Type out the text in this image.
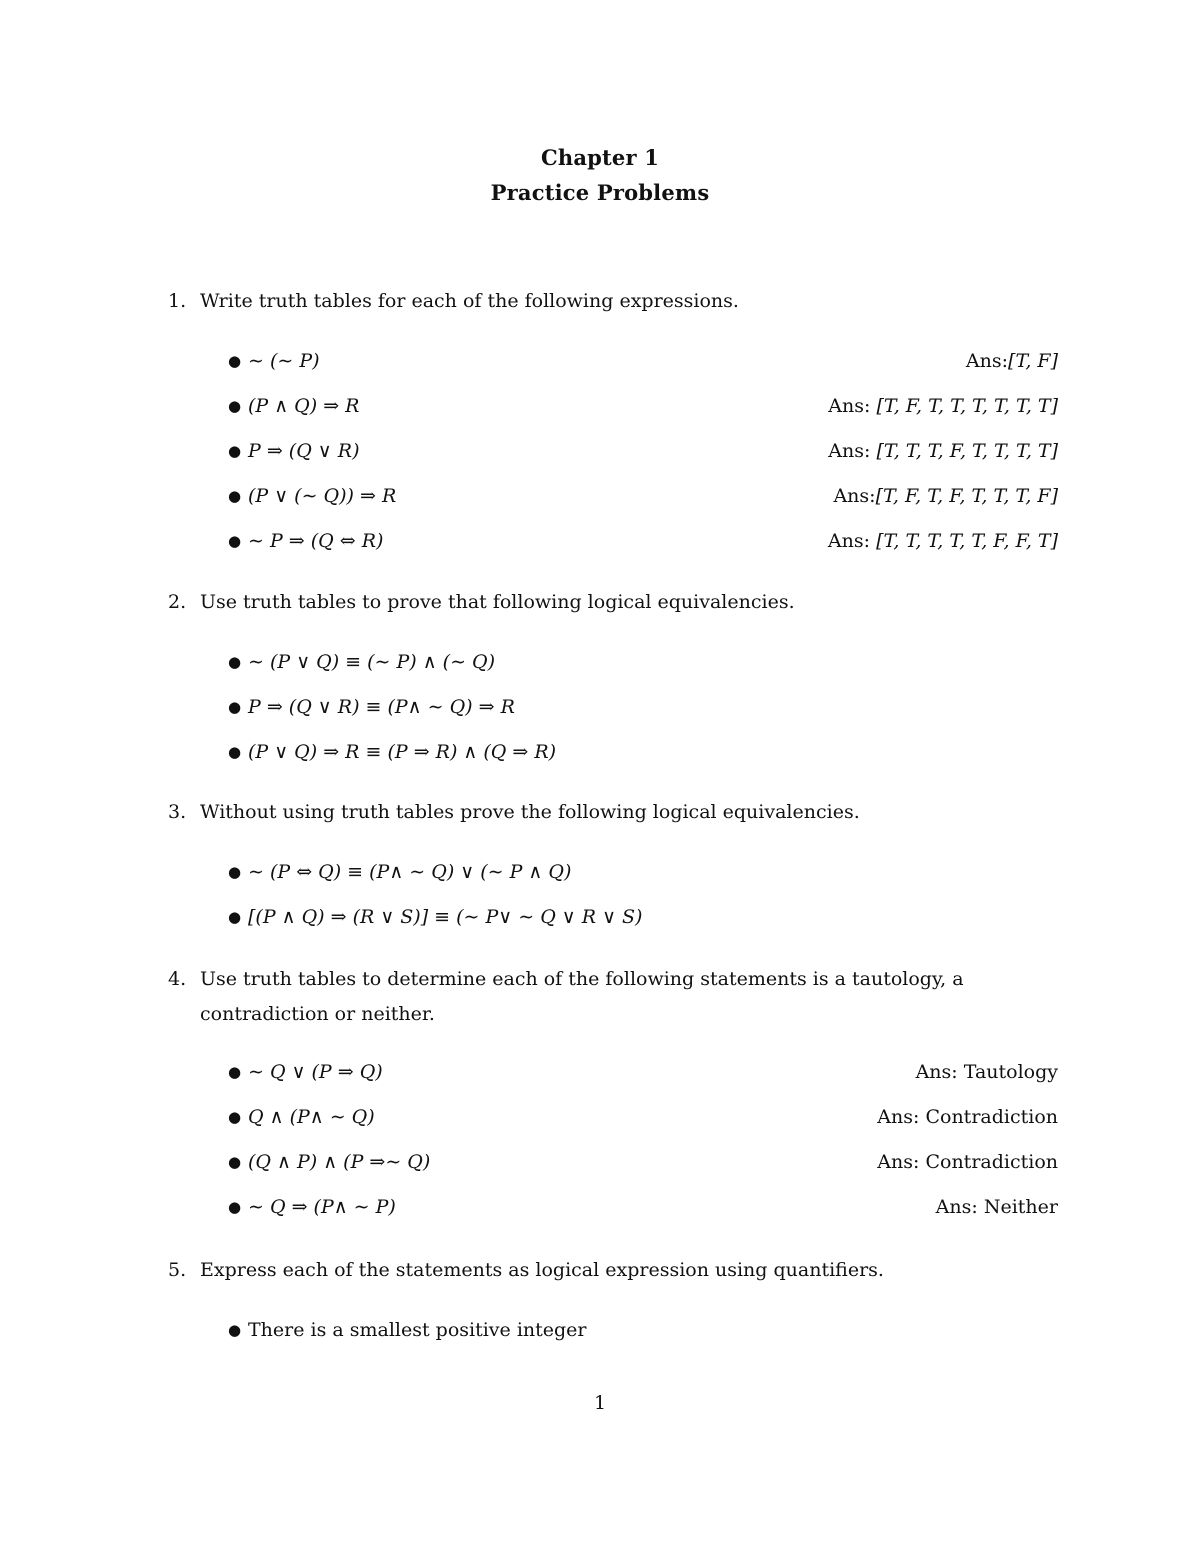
Chapter 1
Practice Problems
1. Write truth tables for each of the following expressions.
● ∼ (∼ P)	Ans:[T, F]
● (P ∧ Q) ⇒ R	Ans: [T, F, T, T, T, T, T, T]
● P ⇒ (Q ∨ R)	Ans: [T, T, T, F, T, T, T, T]
● (P ∨ (∼ Q)) ⇒ R	Ans:[T, F, T, F, T, T, T, F]
● ∼ P ⇒ (Q ⇔ R)	Ans: [T, T, T, T, T, F, F, T]
2. Use truth tables to prove that following logical equivalencies.
● ∼ (P ∨ Q) ≡ (∼ P) ∧ (∼ Q)
● P ⇒ (Q ∨ R) ≡ (P∧ ∼ Q) ⇒ R
● (P ∨ Q) ⇒ R ≡ (P ⇒ R) ∧ (Q ⇒ R)
3. Without using truth tables prove the following logical equivalencies.
● ∼ (P ⇔ Q) ≡ (P∧ ∼ Q) ∨ (∼ P ∧ Q)
● [(P ∧ Q) ⇒ (R ∨ S)] ≡ (∼ P∨ ∼ Q ∨ R ∨ S)
4. Use truth tables to determine each of the following statements is a tautology, a contradiction or neither.
● ∼ Q ∨ (P ⇒ Q)	Ans: Tautology
● Q ∧ (P∧ ∼ Q)	Ans: Contradiction
● (Q ∧ P) ∧ (P ⇒∼ Q)	Ans: Contradiction
● ∼ Q ⇒ (P∧ ∼ P)	Ans: Neither
5. Express each of the statements as logical expression using quantifiers.
● There is a smallest positive integer
1
